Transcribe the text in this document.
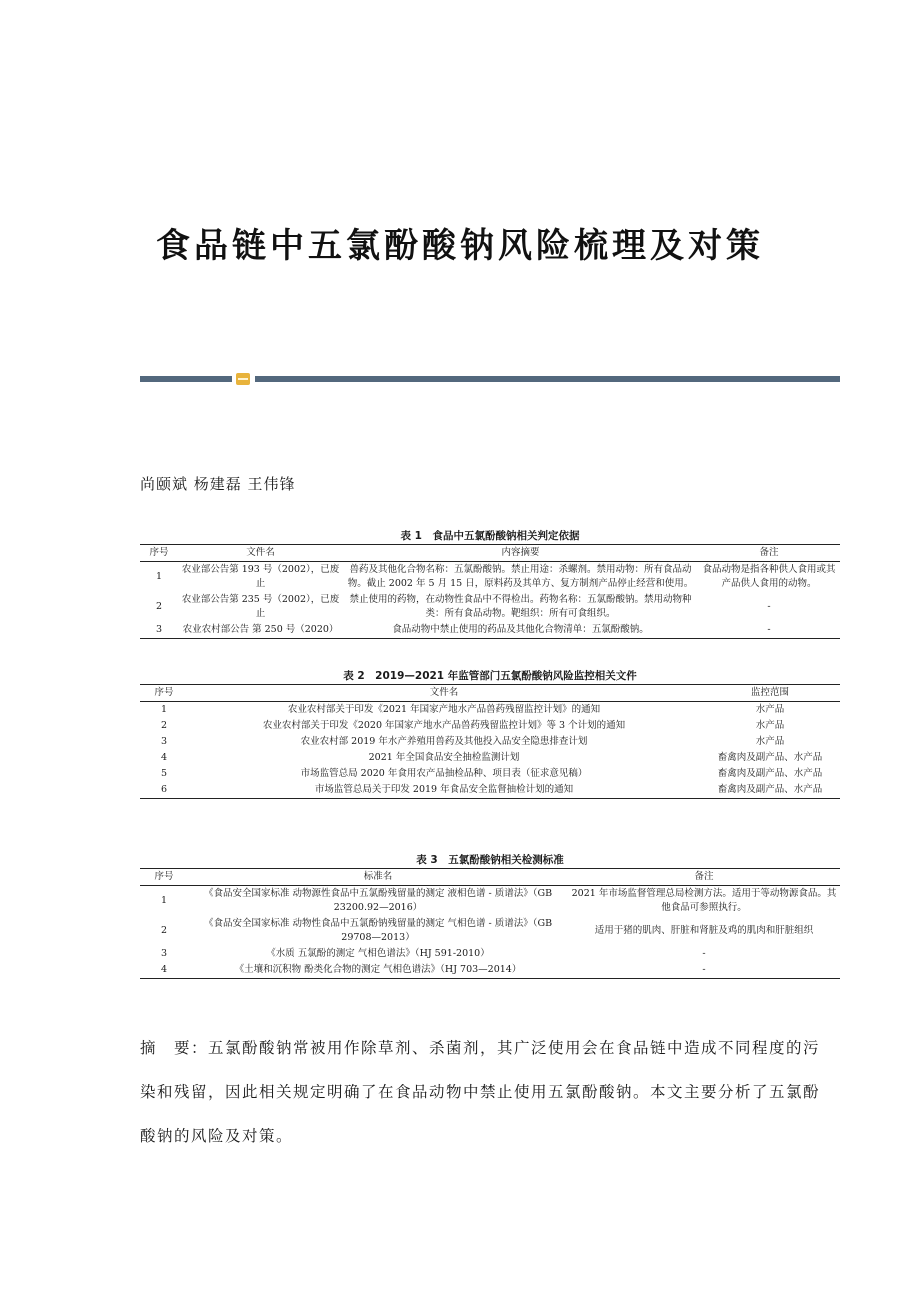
食品链中五氯酚酸钠风险梳理及对策
尚颐斌 杨建磊 王伟锋
表 1　食品中五氯酚酸钠相关判定依据
序号	文件名	内容摘要	备注
1	农业部公告第 193 号（2002），已废止	兽药及其他化合物名称：五氯酚酸钠。禁止用途：杀螺剂。禁用动物：所有食品动物。截止 2002 年 5 月 15 日，原料药及其单方、复方制剂产品停止经营和使用。	食品动物是指各种供人食用或其产品供人食用的动物。
2	农业部公告第 235 号（2002），已废止	禁止使用的药物，在动物性食品中不得检出。药物名称：五氯酚酸钠。禁用动物种类：所有食品动物。靶组织：所有可食组织。	-
3	农业农村部公告 第 250 号（2020）	食品动物中禁止使用的药品及其他化合物清单：五氯酚酸钠。	-
表 2　2019—2021 年监管部门五氯酚酸钠风险监控相关文件
序号	文件名	监控范围
1	农业农村部关于印发《2021 年国家产地水产品兽药残留监控计划》的通知	水产品
2	农业农村部关于印发《2020 年国家产地水产品兽药残留监控计划》等 3 个计划的通知	水产品
3	农业农村部 2019 年水产养殖用兽药及其他投入品安全隐患排查计划	水产品
4	2021 年全国食品安全抽检监测计划	畜禽肉及副产品、水产品
5	市场监管总局 2020 年食用农产品抽检品种、项目表（征求意见稿）	畜禽肉及副产品、水产品
6	市场监管总局关于印发 2019 年食品安全监督抽检计划的通知	畜禽肉及副产品、水产品
表 3　五氯酚酸钠相关检测标准
序号	标准名	备注
1	《食品安全国家标准 动物源性食品中五氯酚残留量的测定 液相色谱 - 质谱法》（GB 23200.92—2016）	2021 年市场监督管理总局检测方法。适用于等动物源食品。其他食品可参照执行。
2	《食品安全国家标准 动物性食品中五氯酚钠残留量的测定 气相色谱 - 质谱法》（GB 29708—2013）	适用于猪的肌肉、肝脏和肾脏及鸡的肌肉和肝脏组织
3	《水质 五氯酚的测定 气相色谱法》（HJ 591-2010）	-
4	《土壤和沉积物 酚类化合物的测定 气相色谱法》（HJ 703—2014）	-
摘　要：五氯酚酸钠常被用作除草剂、杀菌剂，其广泛使用会在食品链中造成不同程度的污染和残留，因此相关规定明确了在食品动物中禁止使用五氯酚酸钠。本文主要分析了五氯酚酸钠的风险及对策。
